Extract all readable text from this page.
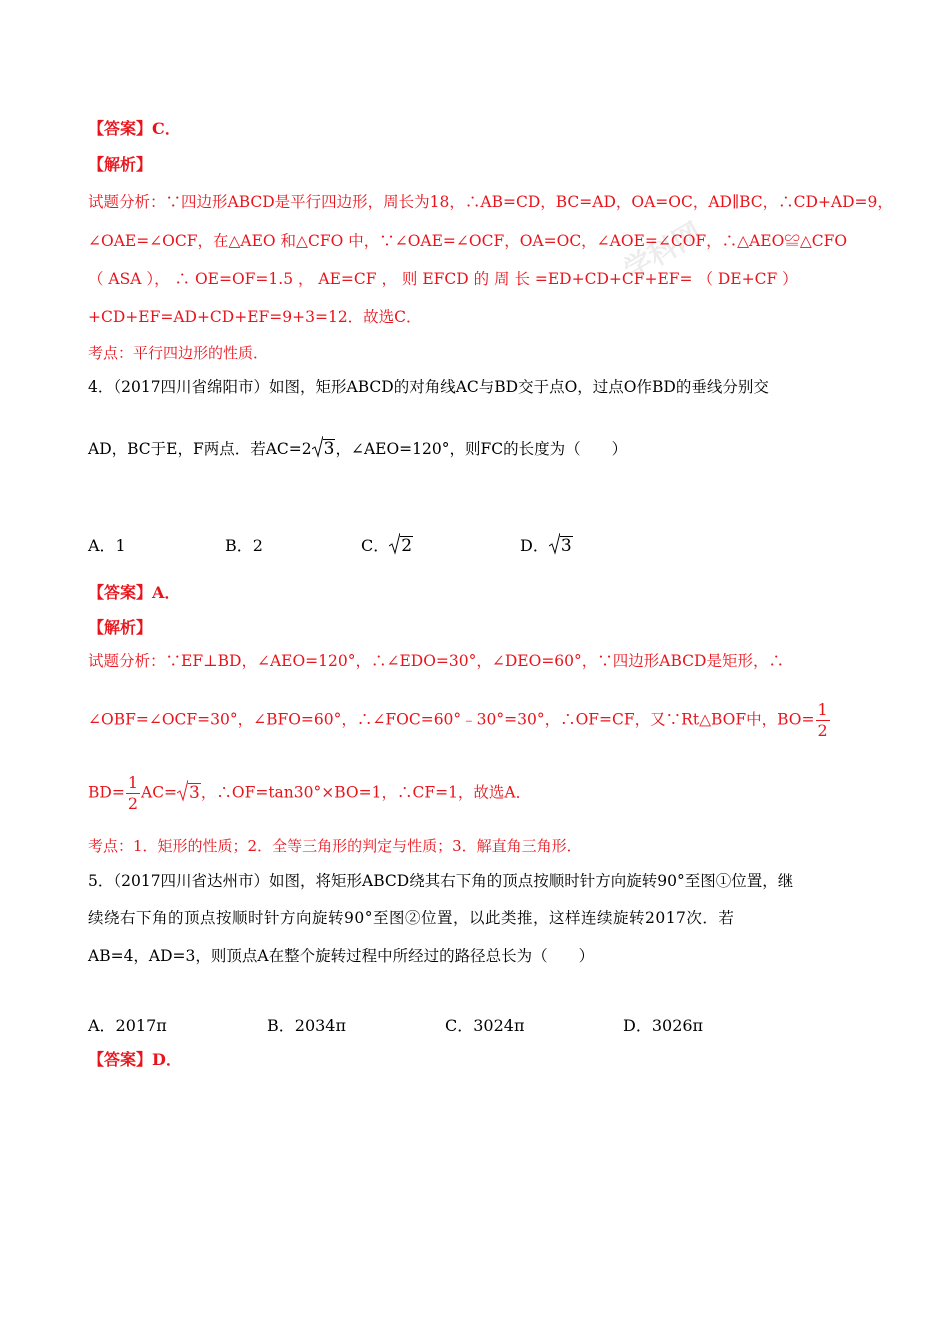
学科网
【答案】C．
【解析】
试题分析：∵四边形ABCD是平行四边形，周长为18，∴AB=CD，BC=AD，OA=OC，AD∥BC，∴CD+AD=9，
∠OAE=∠OCF，在△AEO 和△CFO 中，∵∠OAE=∠OCF，OA=OC，∠AOE=∠COF，∴△AEO≌△CFO
（ ASA ）， ∴ OE=OF=1.5 ， AE=CF ， 则 EFCD 的 周 长 =ED+CD+CF+EF= （ DE+CF ）
+CD+EF=AD+CD+EF=9+3=12．故选C．
考点：平行四边形的性质．
4．（2017四川省绵阳市）如图，矩形ABCD的对角线AC与BD交于点O，过点O作BD的垂线分别交
AD，BC于E，F两点．若AC=2 3 ，∠AEO=120°，则FC的长度为（　　）
A．1	B．2	C． 2	D． 3
【答案】A．
【解析】
试题分析：∵EF⊥BD，∠AEO=120°，∴∠EDO=30°，∠DEO=60°，∵四边形ABCD是矩形，∴
∠OBF=∠OCF=30°，∠BFO=60°，∴∠FOC=60°﹣30°=30°，∴OF=CF，又∵Rt△BOF中，$BO= \frac{1}{2}$
$BD= \frac{1}{2} AC= 3$ ，∴OF=tan30°×BO=1，∴CF=1，故选A．
考点：1．矩形的性质；2．全等三角形的判定与性质；3．解直角三角形．
5．（2017四川省达州市）如图，将矩形ABCD绕其右下角的顶点按顺时针方向旋转90°至图①位置，继
续绕右下角的顶点按顺时针方向旋转90°至图②位置，以此类推，这样连续旋转2017次．若
AB=4，AD=3，则顶点A在整个旋转过程中所经过的路径总长为（　　）
A．2017π	B．2034π	C．3024π	D．3026π
【答案】D．
